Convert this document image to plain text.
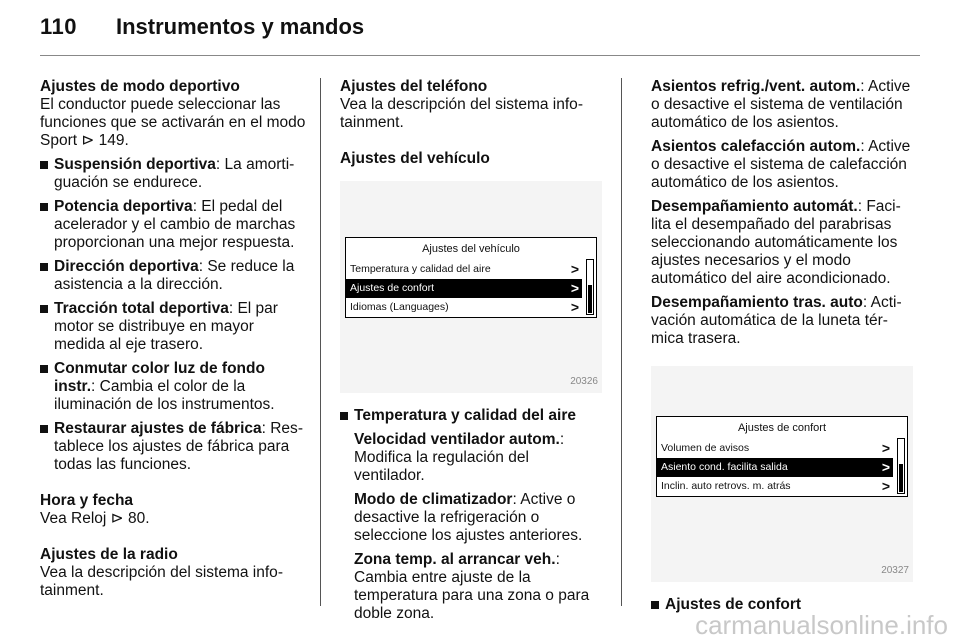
110 Instrumentos y mandos

Ajustes de modo deportivo

El conductor puede seleccionar las funciones que se activarán en el modo Sport ⊳ 149.

Suspensión deportiva: La amortiguación se endurece.
Potencia deportiva: El pedal del acelerador y el cambio de marchas proporcionan una mejor respuesta.
Dirección deportiva: Se reduce la asistencia a la dirección.
Tracción total deportiva: El par motor se distribuye en mayor medida al eje trasero.
Conmutar color luz de fondo instr.: Cambia el color de la iluminación de los instrumentos.
Restaurar ajustes de fábrica: Restablece los ajustes de fábrica para todas las funciones.

Hora y fecha

Vea Reloj ⊳ 80.

Ajustes de la radio

Vea la descripción del sistema infotainment.

Ajustes del teléfono

Vea la descripción del sistema infotainment.

Ajustes del vehículo

Ajustes del vehículo
Temperatura y calidad del aire	>
Ajustes de confort	>
Idiomas (Languages)	>
20326
Temperatura y calidad del aire

Velocidad ventilador autom.: Modifica la regulación del ventilador.

Modo de climatizador: Active o desactive la refrigeración o seleccione los ajustes anteriores.

Zona temp. al arrancar veh.: Cambia entre ajuste de la temperatura para una zona o para doble zona.

Asientos refrig./vent. autom.: Active o desactive el sistema de ventilación automático de los asientos.

Asientos calefacción autom.: Active o desactive el sistema de calefacción automático de los asientos.

Desempañamiento automát.: Facilita el desempañado del parabrisas seleccionando automáticamente los ajustes necesarios y el modo automático del aire acondicionado.

Desempañamiento tras. auto: Activación automática de la luneta térmica trasera.

Ajustes de confort
Volumen de avisos	>
Asiento cond. facilita salida	>
Inclin. auto retrovs. m. atrás	>
20327
Ajustes de confort
carmanualsonline.info
